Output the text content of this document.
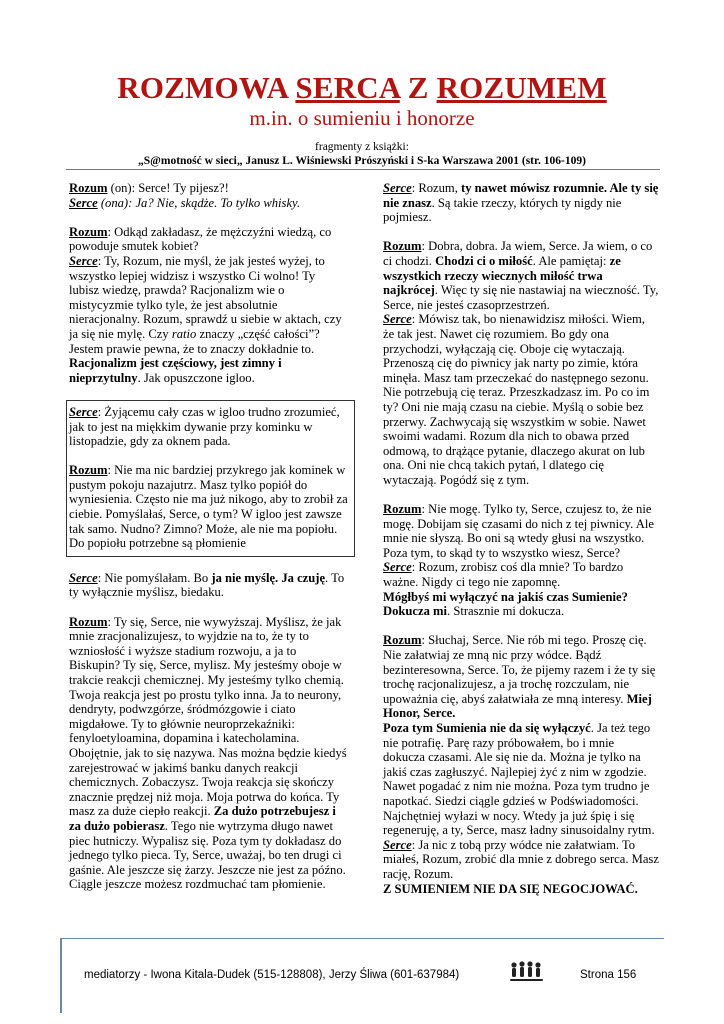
ROZMOWA SERCA Z ROZUMEM
m.in. o sumieniu i honorze
fragmenty z książki:
„S@motność w sieci„ Janusz L. Wiśniewski Prószyński i S-ka Warszawa 2001 (str. 106-109)

Rozum (on): Serce! Ty pijesz?!

Serce (ona): Ja? Nie, skądże. To tylko whisky.

Rozum: Odkąd zakładasz, że mężczyźni wiedzą, co powoduje smutek kobiet?
Serce: Ty, Rozum, nie myśl, że jak jesteś wyżej, to wszystko lepiej widzisz i wszystko Ci wolno! Ty lubisz wiedzę, prawda? Racjonalizm wie o mistycyzmie tylko tyle, że jest absolutnie nieracjonalny. Rozum, sprawdź u siebie w aktach, czy ja się nie mylę. Czy ratio znaczy „część całości”? Jestem prawie pewna, że to znaczy dokładnie to. Racjonalizm jest częściowy, jest zimny i nieprzytulny. Jak opuszczone igloo.

Serce: Żyjącemu cały czas w igloo trudno zrozumieć, jak to jest na miękkim dywanie przy kominku w listopadzie, gdy za oknem pada.

Rozum: Nie ma nic bardziej przykrego jak kominek w pustym pokoju nazajutrz. Masz tylko popiół do wyniesienia. Często nie ma już nikogo, aby to zrobił za ciebie. Pomyślałaś, Serce, o tym? W igloo jest zawsze tak samo. Nudno? Zimno? Może, ale nie ma popiołu. Do popiołu potrzebne są płomienie

Serce: Nie pomyślałam. Bo ja nie myślę. Ja czuję. To ty wyłącznie myślisz, biedaku.

Rozum: Ty się, Serce, nie wywyższaj. Myślisz, że jak mnie zracjonalizujesz, to wyjdzie na to, że ty to wzniosłość i wyższe stadium rozwoju, a ja to Biskupin? Ty się, Serce, mylisz. My jesteśmy oboje w trakcie reakcji chemicznej. My jesteśmy tylko chemią. Twoja reakcja jest po prostu tylko inna. Ja to neurony, dendryty, podwzgórze, śródmózgowie i ciato migdałowe. Ty to głównie neuroprzekaźniki: fenyloetyloamina, dopamina i katecholamina. Obojętnie, jak to się nazywa. Nas można będzie kiedyś zarejestrować w jakimś banku danych reakcji chemicznych. Zobaczysz. Twoja reakcja się skończy znacznie prędzej niż moja. Moja potrwa do końca. Ty masz za duże ciepło reakcji. Za dużo potrzebujesz i za dużo pobierasz. Tego nie wytrzyma długo nawet piec hutniczy. Wypalisz się. Poza tym ty dokładasz do jednego tylko pieca. Ty, Serce, uważaj, bo ten drugi ci gaśnie. Ale jeszcze się żarzy. Jeszcze nie jest za późno. Ciągle jeszcze możesz rozdmuchać tam płomienie.

Serce: Rozum, ty nawet mówisz rozumnie. Ale ty się nie znasz. Są takie rzeczy, których ty nigdy nie pojmiesz.

Rozum: Dobra, dobra. Ja wiem, Serce. Ja wiem, o co ci chodzi. Chodzi ci o miłość. Ale pamiętaj: ze wszystkich rzeczy wiecznych miłość trwa najkrócej. Więc ty się nie nastawiaj na wieczność. Ty, Serce, nie jesteś czasoprzestrzeń.
Serce: Mówisz tak, bo nienawidzisz miłości. Wiem, że tak jest. Nawet cię rozumiem. Bo gdy ona przychodzi, wyłączają cię. Oboje cię wytaczają. Przenoszą cię do piwnicy jak narty po zimie, która minęła. Masz tam przeczekać do następnego sezonu. Nie potrzebują cię teraz. Przeszkadzasz im. Po co im ty? Oni nie mają czasu na ciebie. Myślą o sobie bez przerwy. Zachwycają się wszystkim w sobie. Nawet swoimi wadami. Rozum dla nich to obawa przed odmową, to drążące pytanie, dlaczego akurat on lub ona. Oni nie chcą takich pytań, l dlatego cię wytaczają. Pogódź się z tym.

Rozum: Nie mogę. Tylko ty, Serce, czujesz to, że nie mogę. Dobijam się czasami do nich z tej piwnicy. Ale mnie nie słyszą. Bo oni są wtedy głusi na wszystko. Poza tym, to skąd ty to wszystko wiesz, Serce?
Serce: Rozum, zrobisz coś dla mnie? To bardzo ważne. Nigdy ci tego nie zapomnę.
Mógłbyś mi wyłączyć na jakiś czas Sumienie? Dokucza mi. Strasznie mi dokucza.

Rozum: Słuchaj, Serce. Nie rób mi tego. Proszę cię. Nie załatwiaj ze mną nic przy wódce. Bądź bezinteresowna, Serce. To, że pijemy razem i że ty się trochę racjonalizujesz, a ja trochę rozczulam, nie upoważnia cię, abyś załatwiała ze mną interesy. Miej Honor, Serce.
Poza tym Sumienia nie da się wyłączyć. Ja też tego nie potrafię. Parę razy próbowałem, bo i mnie dokucza czasami. Ale się nie da. Można je tylko na jakiś czas zagłuszyć. Najlepiej żyć z nim w zgodzie. Nawet pogadać z nim nie można. Poza tym trudno je napotkać. Siedzi ciągle gdzieś w Podświadomości. Najchętniej wyłazi w nocy. Wtedy ja już śpię i się regeneruję, a ty, Serce, masz ładny sinusoidalny rytm.
Serce: Ja nic z tobą przy wódce nie załatwiam. To miałeś, Rozum, zrobić dla mnie z dobrego serca. Masz rację, Rozum.
Z SUMIENIEM NIE DA SIĘ NEGOCJOWAĆ.

mediatorzy - Iwona Kitala-Dudek (515-128808), Jerzy Śliwa (601-637984)	Strona 156
